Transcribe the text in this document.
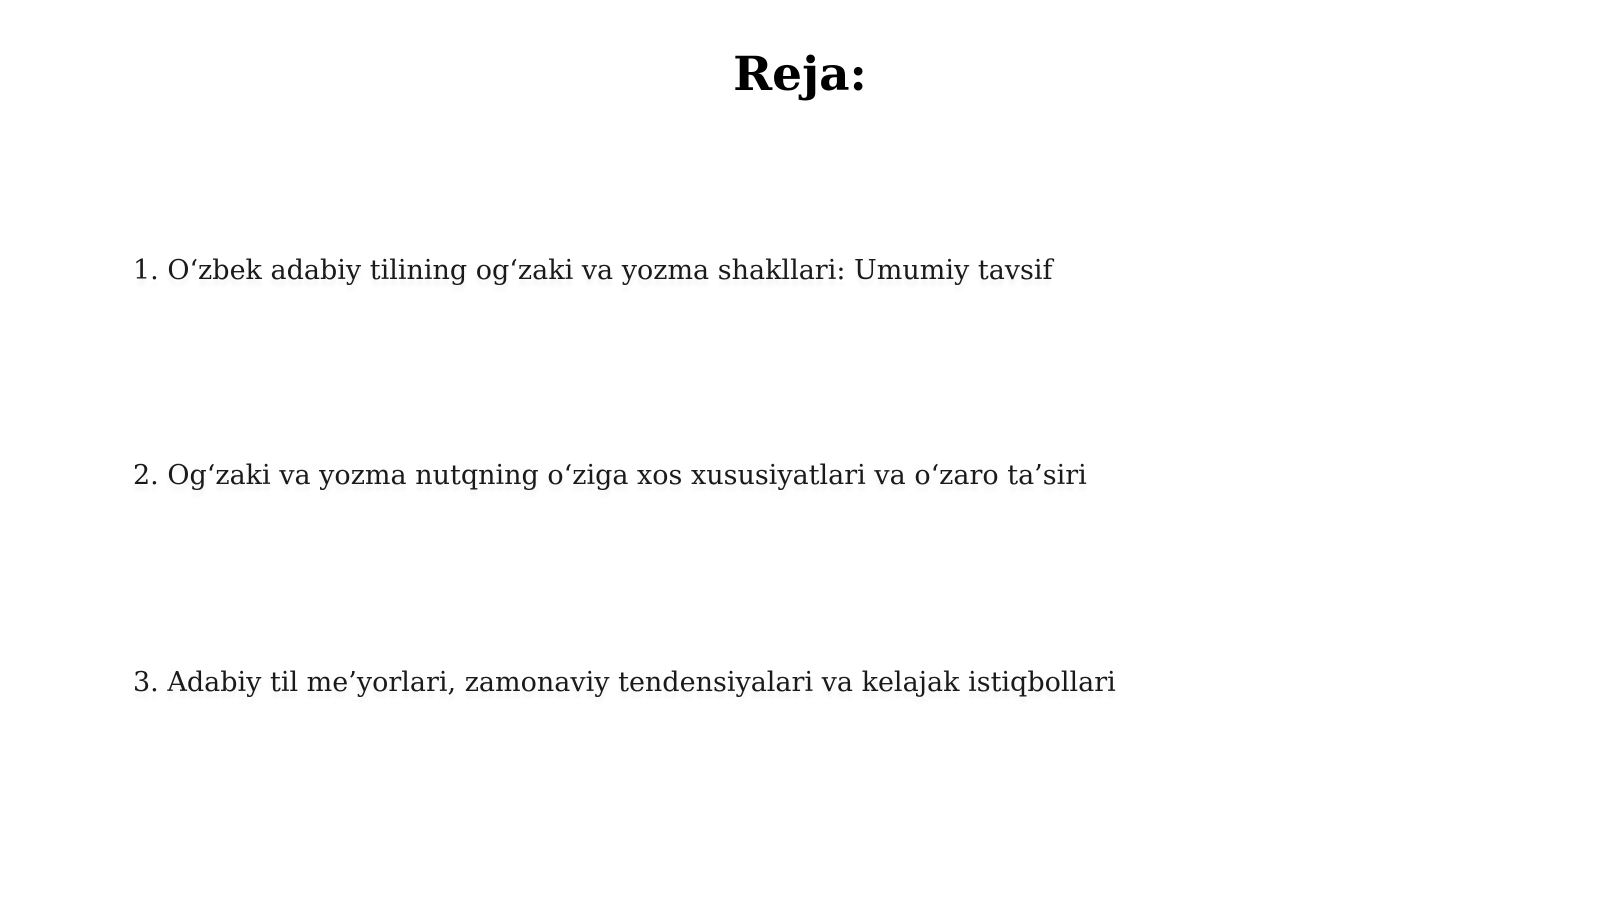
Reja:
1. O‘zbek adabiy tilining og‘zaki va yozma shakllari: Umumiy tavsif
2. Og‘zaki va yozma nutqning o‘ziga xos xususiyatlari va o‘zaro ta’siri
3. Adabiy til me’yorlari, zamonaviy tendensiyalari va kelajak istiqbollari
